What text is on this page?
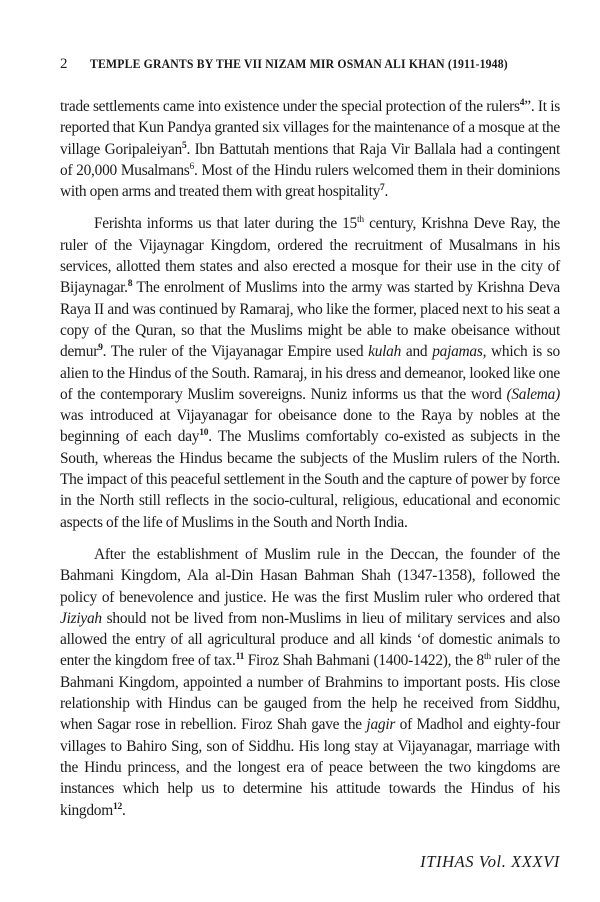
2 TEMPLE GRANTS BY THE VII NIZAM MIR OSMAN ALI KHAN (1911-1948)

trade settlements came into existence under the special protection of the rulers$^4$”. It is reported that Kun Pandya granted six villages for the maintenance of a mosque at the village Goripaleiyan$^5$. Ibn Battutah mentions that Raja Vir Ballala had a contingent of 20,000 Musalmans$^6$. Most of the Hindu rulers welcomed them in their dominions with open arms and treated them with great hospitality$^7$.

Ferishta informs us that later during the 15th century, Krishna Deve Ray, the ruler of the Vijaynagar Kingdom, ordered the recruitment of Musalmans in his services, allotted them states and also erected a mosque for their use in the city of Bijaynagar.$^8$ The enrolment of Muslims into the army was started by Krishna Deva Raya II and was continued by Ramaraj, who like the former, placed next to his seat a copy of the Quran, so that the Muslims might be able to make obeisance without demur$^9$. The ruler of the Vijayanagar Empire used kulah and pajamas, which is so alien to the Hindus of the South. Ramaraj, in his dress and demeanor, looked like one of the contemporary Muslim sovereigns. Nuniz informs us that the word (Salema) was introduced at Vijayanagar for obeisance done to the Raya by nobles at the beginning of each day$^{10}$. The Muslims comfortably co-existed as subjects in the South, whereas the Hindus became the subjects of the Muslim rulers of the North. The impact of this peaceful settlement in the South and the capture of power by force in the North still reflects in the socio-cultural, religious, educational and economic aspects of the life of Muslims in the South and North India.

After the establishment of Muslim rule in the Deccan, the founder of the Bahmani Kingdom, Ala al-Din Hasan Bahman Shah (1347-1358), followed the policy of benevolence and justice. He was the first Muslim ruler who ordered that Jiziyah should not be lived from non-Muslims in lieu of military services and also allowed the entry of all agricultural produce and all kinds ‘of domestic animals to enter the kingdom free of tax.$^{11}$ Firoz Shah Bahmani (1400-1422), the 8th ruler of the Bahmani Kingdom, appointed a number of Brahmins to important posts. His close relationship with Hindus can be gauged from the help he received from Siddhu, when Sagar rose in rebellion. Firoz Shah gave the jagir of Madhol and eighty-four villages to Bahiro Sing, son of Siddhu. His long stay at Vijayanagar, marriage with the Hindu princess, and the longest era of peace between the two kingdoms are instances which help us to determine his attitude towards the Hindus of his kingdom$^{12}$.

ITIHAS Vol. XXXVI
